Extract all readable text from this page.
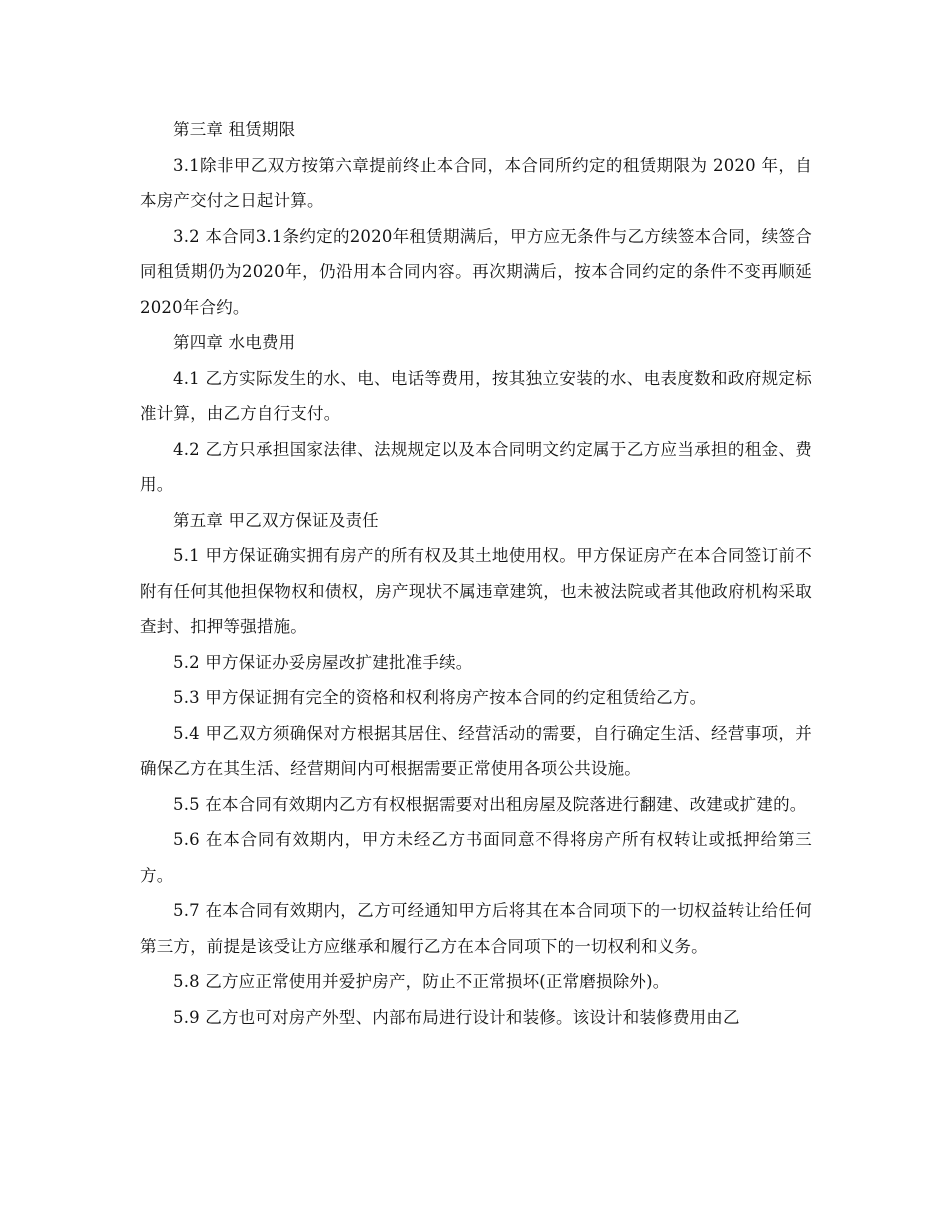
第三章 租赁期限

3.1除非甲乙双方按第六章提前终止本合同，本合同所约定的租赁期限为 2020 年，自本房产交付之日起计算。

3.2 本合同3.1条约定的2020年租赁期满后，甲方应无条件与乙方续签本合同，续签合同租赁期仍为2020年，仍沿用本合同内容。再次期满后，按本合同约定的条件不变再顺延2020年合约。

第四章 水电费用

4.1 乙方实际发生的水、电、电话等费用，按其独立安装的水、电表度数和政府规定标准计算，由乙方自行支付。

4.2 乙方只承担国家法律、法规规定以及本合同明文约定属于乙方应当承担的租金、费用。

第五章 甲乙双方保证及责任

5.1 甲方保证确实拥有房产的所有权及其土地使用权。甲方保证房产在本合同签订前不附有任何其他担保物权和债权，房产现状不属违章建筑，也未被法院或者其他政府机构采取查封、扣押等强措施。

5.2 甲方保证办妥房屋改扩建批准手续。

5.3 甲方保证拥有完全的资格和权利将房产按本合同的约定租赁给乙方。

5.4 甲乙双方须确保对方根据其居住、经营活动的需要，自行确定生活、经营事项，并确保乙方在其生活、经营期间内可根据需要正常使用各项公共设施。

5.5 在本合同有效期内乙方有权根据需要对出租房屋及院落进行翻建、改建或扩建的。

5.6 在本合同有效期内，甲方未经乙方书面同意不得将房产所有权转让或抵押给第三方。

5.7 在本合同有效期内，乙方可经通知甲方后将其在本合同项下的一切权益转让给任何第三方，前提是该受让方应继承和履行乙方在本合同项下的一切权利和义务。

5.8 乙方应正常使用并爱护房产，防止不正常损坏(正常磨损除外)。

5.9 乙方也可对房产外型、内部布局进行设计和装修。该设计和装修费用由乙
